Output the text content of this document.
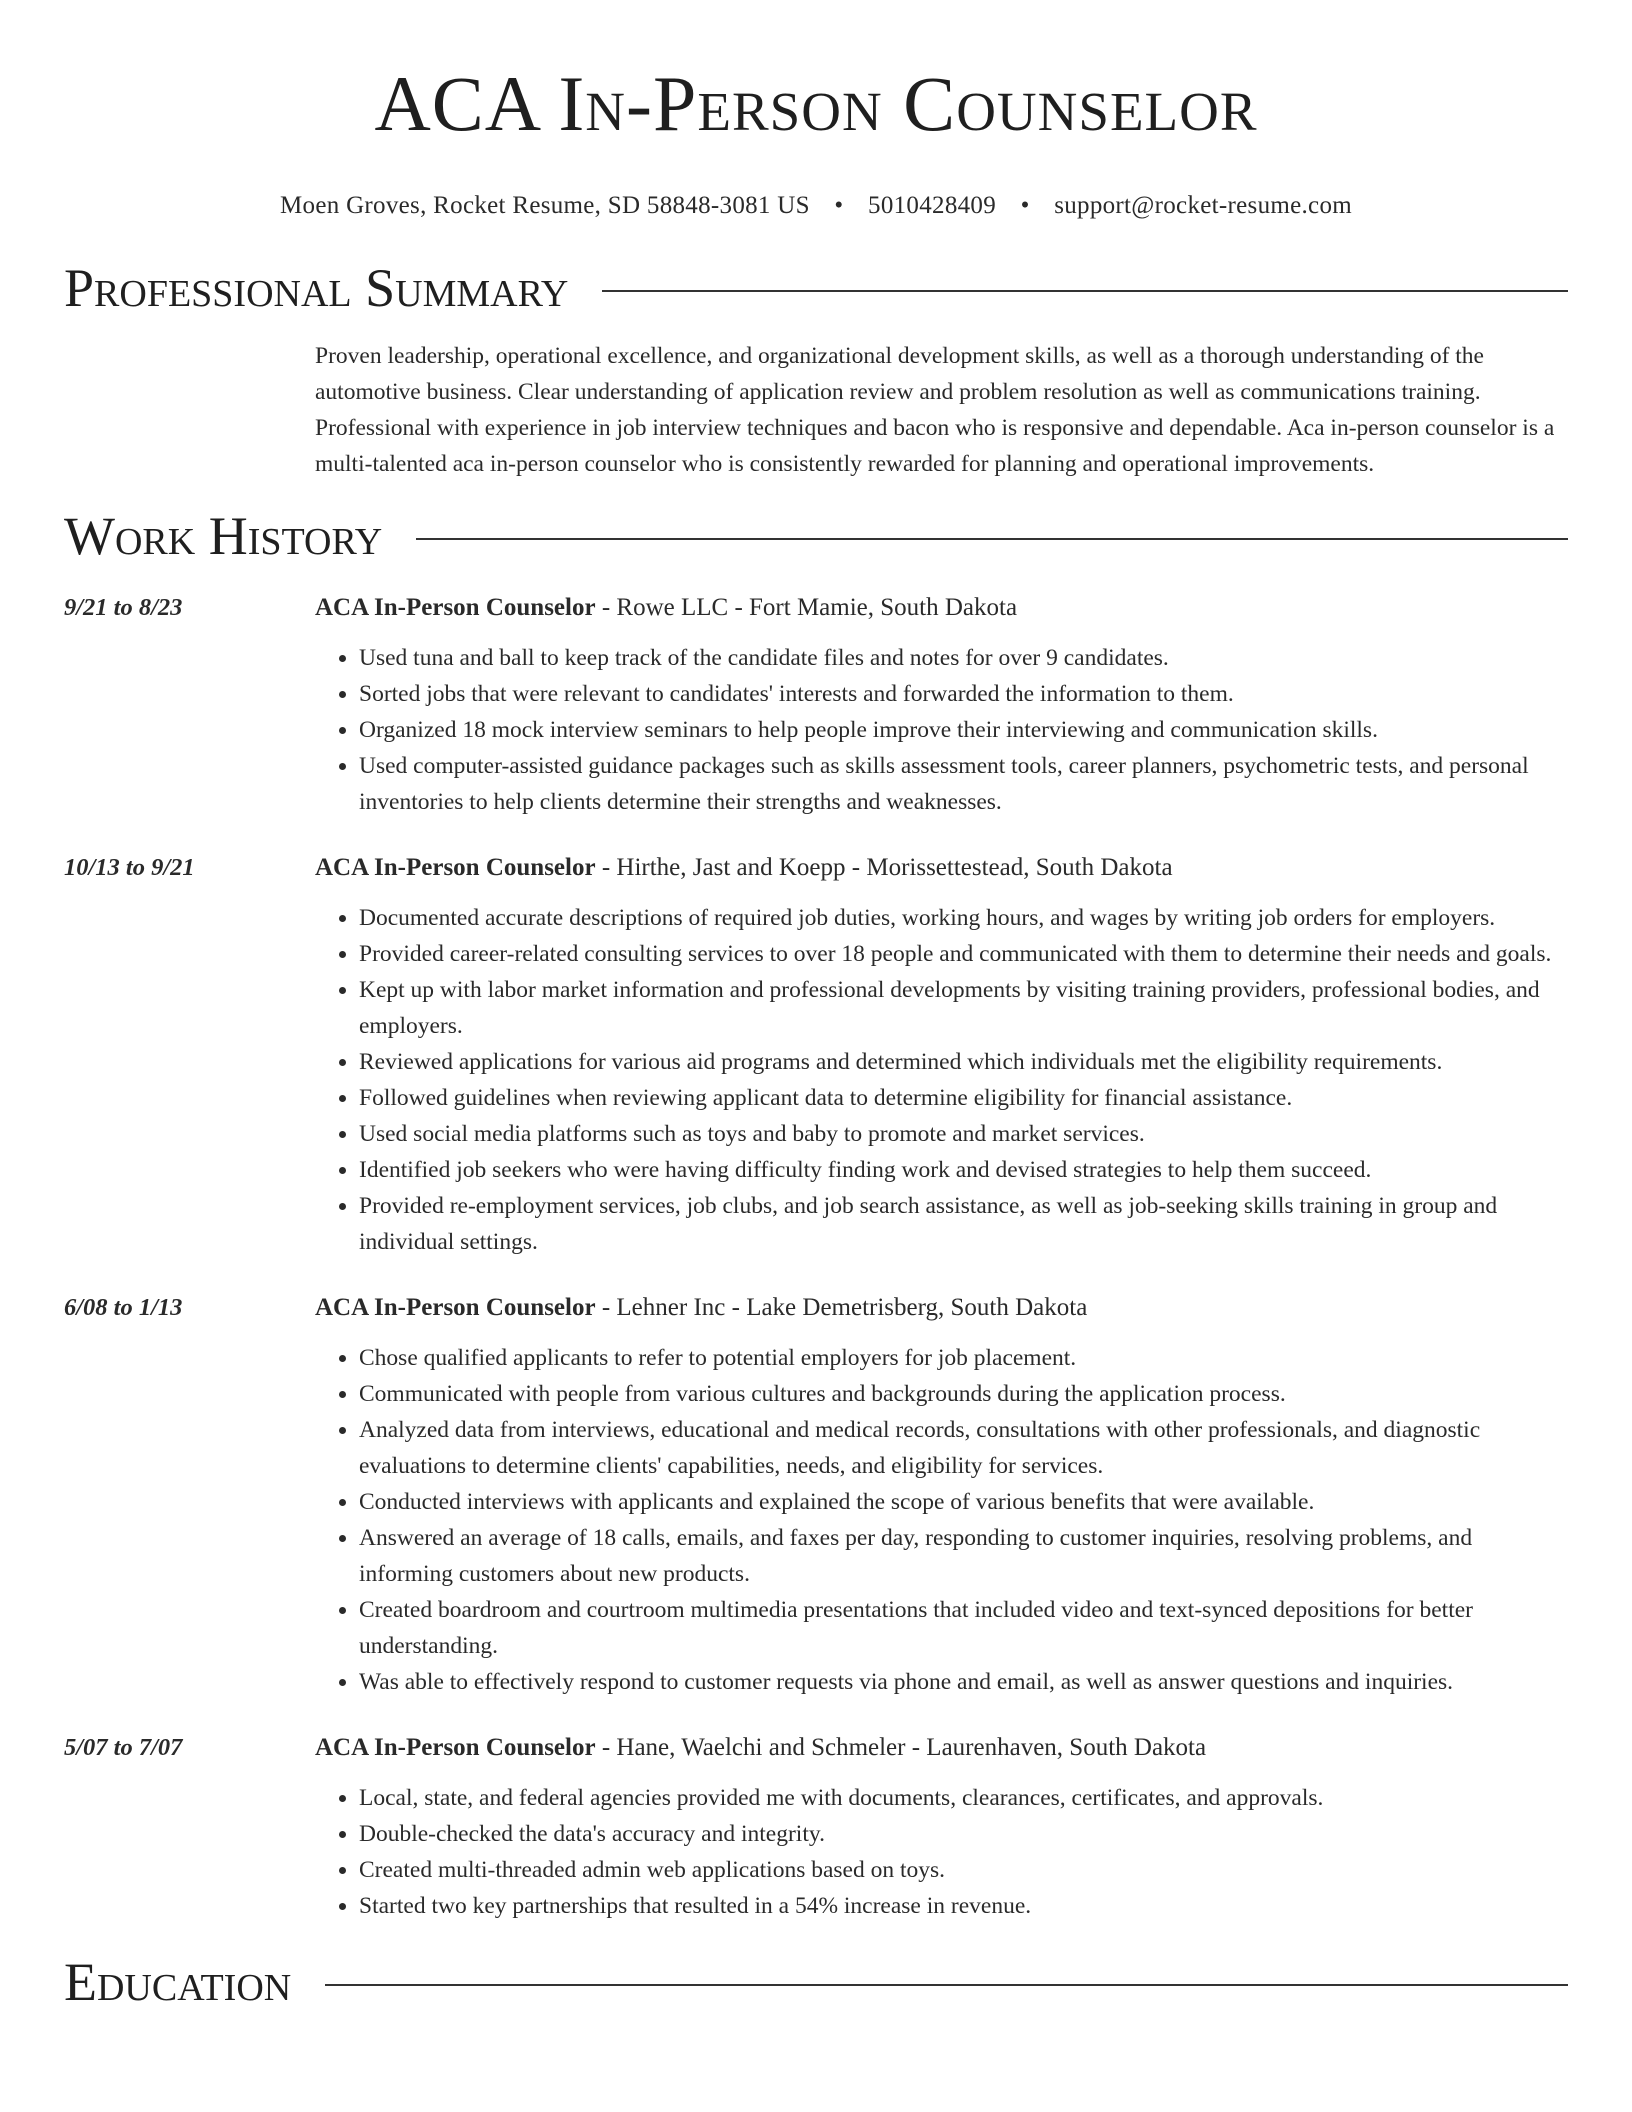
ACA In-Person Counselor
Moen Groves, Rocket Resume, SD 58848-3081 US • 5010428409 • support@rocket-resume.com
Professional Summary
Proven leadership, operational excellence, and organizational development skills, as well as a thorough understanding of the automotive business. Clear understanding of application review and problem resolution as well as communications training. Professional with experience in job interview techniques and bacon who is responsive and dependable. Aca in-person counselor is a multi-talented aca in-person counselor who is consistently rewarded for planning and operational improvements.
Work History
9/21 to 8/23	ACA In-Person Counselor - Rowe LLC - Fort Mamie, South Dakota
• Used tuna and ball to keep track of the candidate files and notes for over 9 candidates.
• Sorted jobs that were relevant to candidates' interests and forwarded the information to them.
• Organized 18 mock interview seminars to help people improve their interviewing and communication skills.
• Used computer-assisted guidance packages such as skills assessment tools, career planners, psychometric tests, and personal inventories to help clients determine their strengths and weaknesses.
10/13 to 9/21	ACA In-Person Counselor - Hirthe, Jast and Koepp - Morissettestead, South Dakota
• Documented accurate descriptions of required job duties, working hours, and wages by writing job orders for employers.
• Provided career-related consulting services to over 18 people and communicated with them to determine their needs and goals.
• Kept up with labor market information and professional developments by visiting training providers, professional bodies, and employers.
• Reviewed applications for various aid programs and determined which individuals met the eligibility requirements.
• Followed guidelines when reviewing applicant data to determine eligibility for financial assistance.
• Used social media platforms such as toys and baby to promote and market services.
• Identified job seekers who were having difficulty finding work and devised strategies to help them succeed.
• Provided re-employment services, job clubs, and job search assistance, as well as job-seeking skills training in group and individual settings.
6/08 to 1/13	ACA In-Person Counselor - Lehner Inc - Lake Demetrisberg, South Dakota
• Chose qualified applicants to refer to potential employers for job placement.
• Communicated with people from various cultures and backgrounds during the application process.
• Analyzed data from interviews, educational and medical records, consultations with other professionals, and diagnostic evaluations to determine clients' capabilities, needs, and eligibility for services.
• Conducted interviews with applicants and explained the scope of various benefits that were available.
• Answered an average of 18 calls, emails, and faxes per day, responding to customer inquiries, resolving problems, and informing customers about new products.
• Created boardroom and courtroom multimedia presentations that included video and text-synced depositions for better understanding.
• Was able to effectively respond to customer requests via phone and email, as well as answer questions and inquiries.
5/07 to 7/07	ACA In-Person Counselor - Hane, Waelchi and Schmeler - Laurenhaven, South Dakota
• Local, state, and federal agencies provided me with documents, clearances, certificates, and approvals.
• Double-checked the data's accuracy and integrity.
• Created multi-threaded admin web applications based on toys.
• Started two key partnerships that resulted in a 54% increase in revenue.
Education
